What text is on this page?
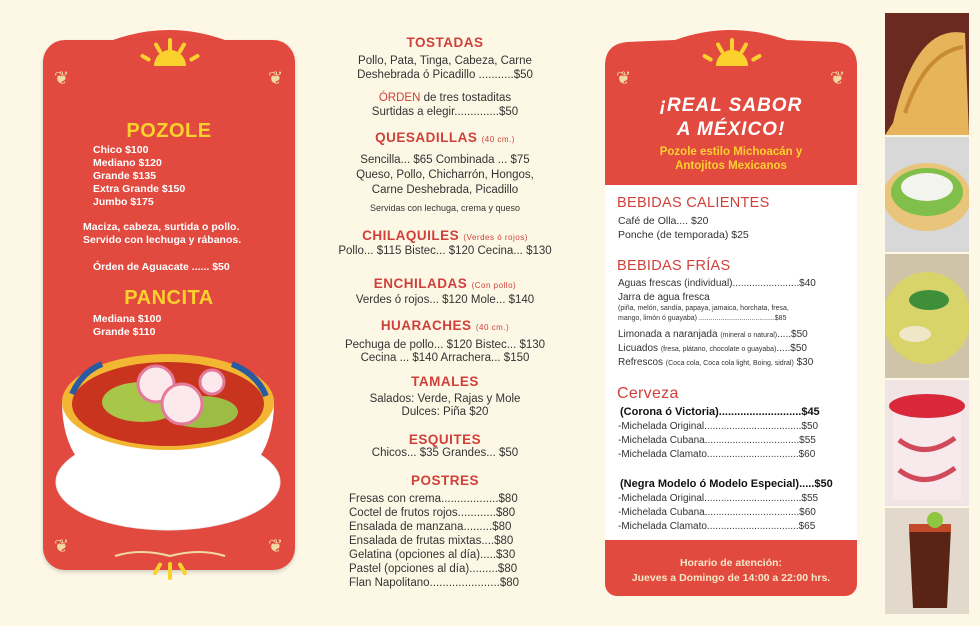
❦	❦
❦	❦
POZOLE
Chico $100
Mediano $120
Grande $135
Extra Grande $150
Jumbo $175
Maciza, cabeza, surtida o pollo.
Servido con lechuga y rábanos.
Órden de Aguacate ...... $50
PANCITA
Mediana $100
Grande $110
TOSTADAS
Pollo, Pata, Tinga, Cabeza, Carne
Deshebrada ó Picadillo ...........$50
ÓRDEN de tres tostaditas
Surtidas a elegir..............$50
QUESADILLAS (40 cm.)
Sencilla... $65 Combinada ... $75
Queso, Pollo, Chicharrón, Hongos,
Carne Deshebrada, Picadillo
Servidas con lechuga, crema y queso
CHILAQUILES (Verdes ó rojos)
Pollo... $115 Bistec... $120 Cecina... $130
ENCHILADAS (Con pollo)
Verdes ó rojos... $120 Mole... $140
HUARACHES (40 cm.)
Pechuga de pollo... $120 Bistec... $130
Cecina ... $140 Arrachera... $150
TAMALES
Salados: Verde, Rajas y Mole
Dulces: Piña $20
ESQUITES
Chicos... $35 Grandes... $50
POSTRES
Fresas con crema..................$80
Coctel de frutos rojos............$80
Ensalada de manzana.........$80
Ensalada de frutas mixtas....$80
Gelatina (opciones al día).....$30
Pastel (opciones al día).........$80
Flan Napolitano......................$80
❦	❦
¡REAL SABOR
A MÉXICO!
Pozole estilo Michoacán y
Antojitos Mexicanos
BEBIDAS CALIENTES
Café de Olla.... $20
Ponche (de temporada) $25
BEBIDAS FRÍAS
Aguas frescas (individual)........................$40
Jarra de agua fresca
(piña, melón, sandía, papaya, jamaica, horchata, fresa,
mango, limón ó guayaba) .......................................$85
Limonada a naranjada (mineral o natural).....$50
Licuados (fresa, plátano, chocolate o guayaba).....$50
Refrescos (Coca cola, Coca cola light, Boing, sidral) $30
Cerveza
(Corona ó Victoria)...........................$45
-Michelada Original...................................$50
-Michelada Cubana..................................$55
-Michelada Clamato.................................$60
(Negra Modelo ó Modelo Especial).....$50
-Michelada Original...................................$55
-Michelada Cubana..................................$60
-Michelada Clamato.................................$65
Horario de atención:
Jueves a Domingo de 14:00 a 22:00 hrs.
